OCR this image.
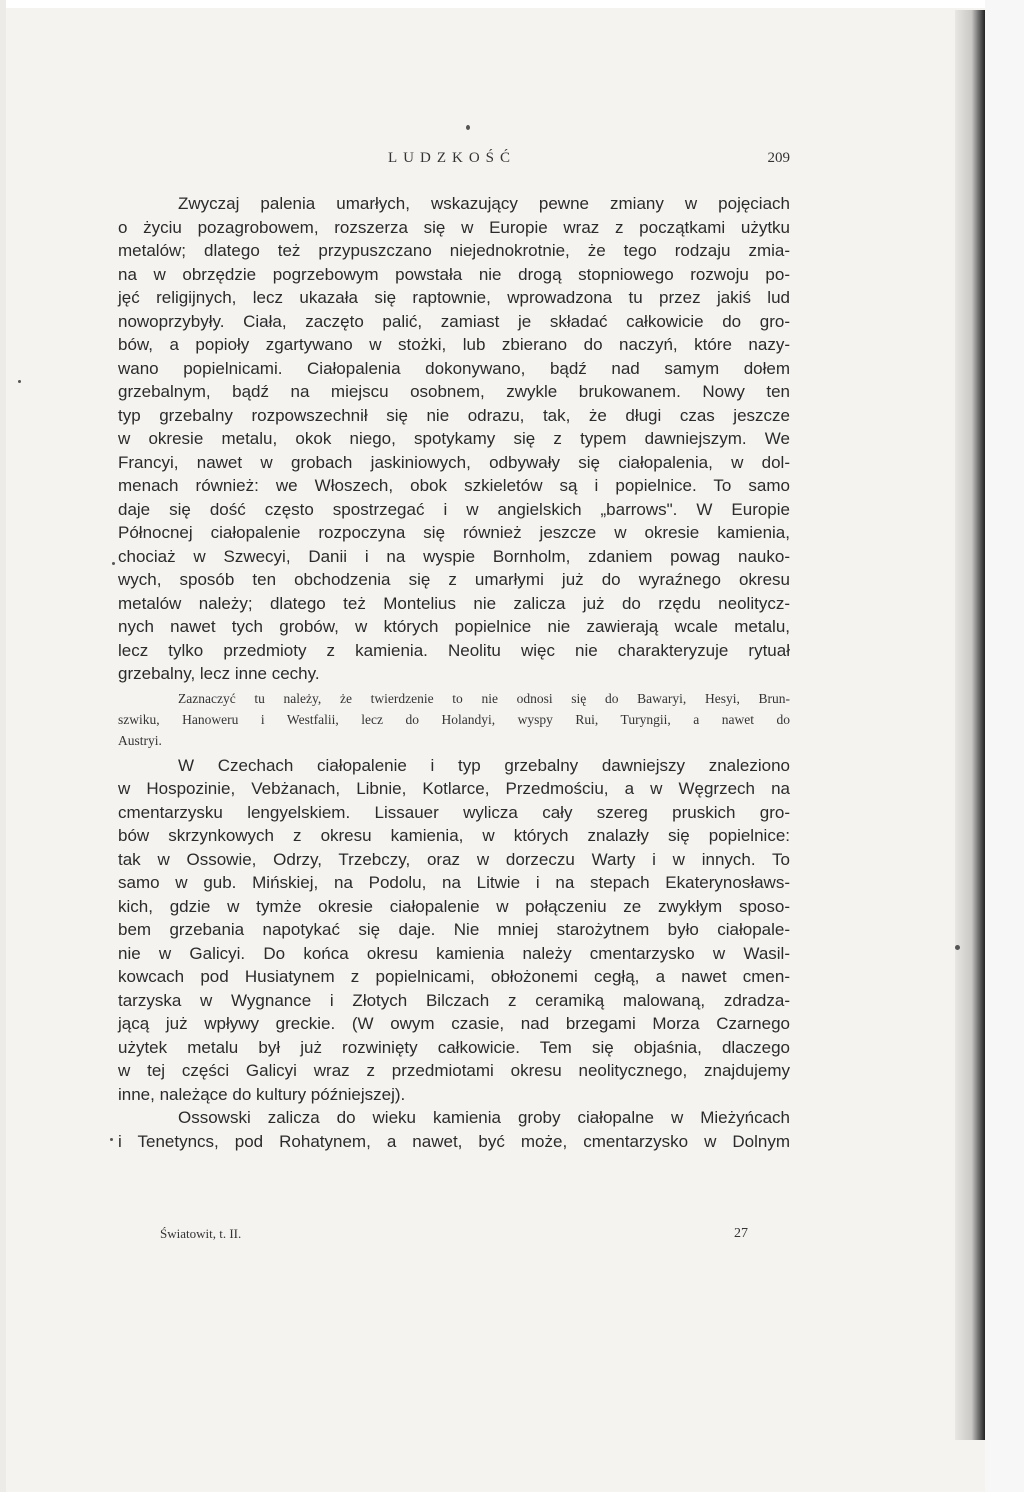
LUDZKOŚĆ	209
Zwyczaj palenia umarłych, wskazujący pewne zmiany w pojęciach
o życiu pozagrobowem, rozszerza się w Europie wraz z początkami użytku
metalów; dlatego też przypuszczano niejednokrotnie, że tego rodzaju zmia-
na w obrzędzie pogrzebowym powstała nie drogą stopniowego rozwoju po-
jęć religijnych, lecz ukazała się raptownie, wprowadzona tu przez jakiś lud
nowoprzybyły. Ciała, zaczęto palić, zamiast je składać całkowicie do gro-
bów, a popioły zgartywano w stożki, lub zbierano do naczyń, które nazy-
wano popielnicami. Ciałopalenia dokonywano, bądź nad samym dołem
grzebalnym, bądź na miejscu osobnem, zwykle brukowanem. Nowy ten
typ grzebalny rozpowszechnił się nie odrazu, tak, że długi czas jeszcze
w okresie metalu, okok niego, spotykamy się z typem dawniejszym. We
Francyi, nawet w grobach jaskiniowych, odbywały się ciałopalenia, w dol-
menach również: we Włoszech, obok szkieletów są i popielnice. To samo
daje się dość często spostrzegać i w angielskich „barrows". W Europie
Północnej ciałopalenie rozpoczyna się również jeszcze w okresie kamienia,
chociaż w Szwecyi, Danii i na wyspie Bornholm, zdaniem powag nauko-
wych, sposób ten obchodzenia się z umarłymi już do wyraźnego okresu
metalów należy; dlatego też Montelius nie zalicza już do rzędu neolitycz-
nych nawet tych grobów, w których popielnice nie zawierają wcale metalu,
lecz tylko przedmioty z kamienia. Neolitu więc nie charakteryzuje rytuał
grzebalny, lecz inne cechy.
Zaznaczyć tu należy, że twierdzenie to nie odnosi się do Bawaryi, Hesyi, Brun-
szwiku, Hanoweru i Westfalii, lecz do Holandyi, wyspy Rui, Turyngii, a nawet do
Austryi.
W Czechach ciałopalenie i typ grzebalny dawniejszy znaleziono
w Hospozinie, Vebżanach, Libnie, Kotlarce, Przedmościu, a w Węgrzech na
cmentarzysku lengyelskiem. Lissauer wylicza cały szereg pruskich gro-
bów skrzynkowych z okresu kamienia, w których znalazły się popielnice:
tak w Ossowie, Odrzy, Trzebczy, oraz w dorzeczu Warty i w innych. To
samo w gub. Mińskiej, na Podolu, na Litwie i na stepach Ekaterynosławs-
kich, gdzie w tymże okresie ciałopalenie w połączeniu ze zwykłym sposo-
bem grzebania napotykać się daje. Nie mniej starożytnem było ciałopale-
nie w Galicyi. Do końca okresu kamienia należy cmentarzysko w Wasil-
kowcach pod Husiatynem z popielnicami, obłożonemi cegłą, a nawet cmen-
tarzyska w Wygnance i Złotych Bilczach z ceramiką malowaną, zdradza-
jącą już wpływy greckie. (W owym czasie, nad brzegami Morza Czarnego
użytek metalu był już rozwinięty całkowicie. Tem się objaśnia, dlaczego
w tej części Galicyi wraz z przedmiotami okresu neolitycznego, znajdujemy
inne, należące do kultury późniejszej).
Ossowski zalicza do wieku kamienia groby ciałopalne w Mieżyńcach
i Tenetyncs, pod Rohatynem, a nawet, być może, cmentarzysko w Dolnym
Światowit, t. II.	27
